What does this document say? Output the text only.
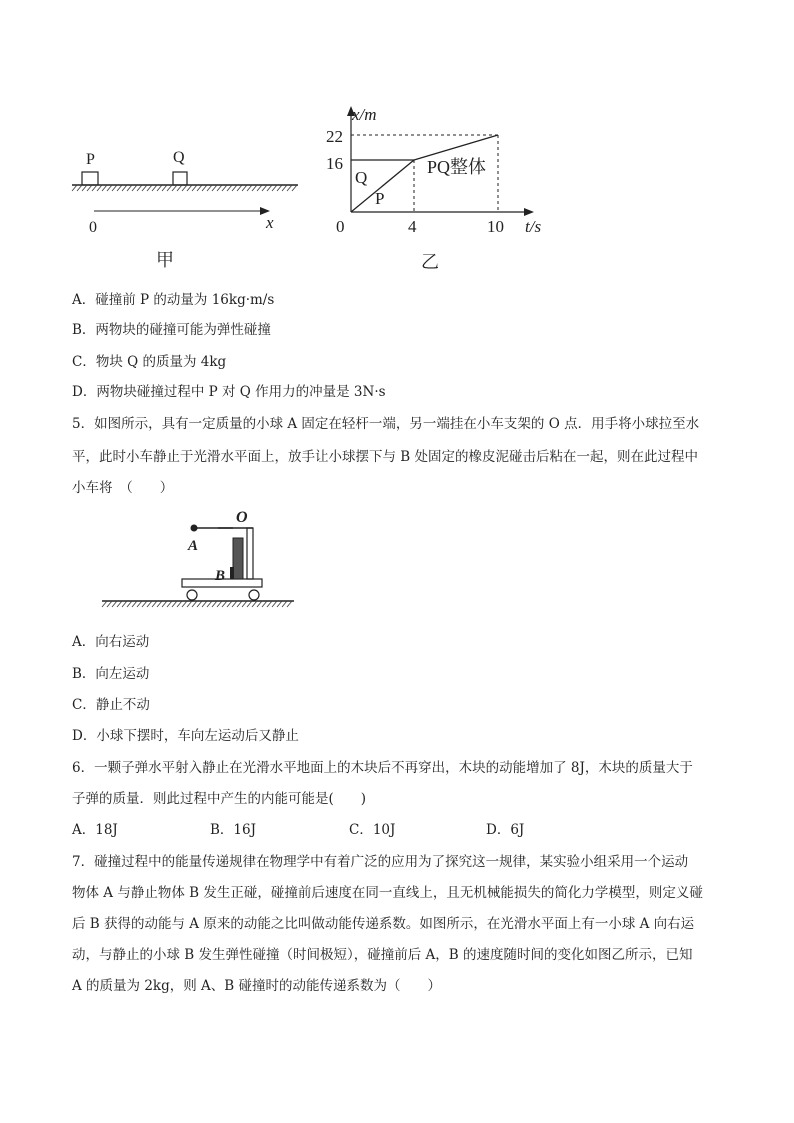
P	Q
0	x
甲
x/m
t/s
22
16
0	4	10
Q
P
PQ整体
乙
A．碰撞前 P 的动量为 16kg·m/s
B．两物块的碰撞可能为弹性碰撞
C．物块 Q 的质量为 4kg
D．两物块碰撞过程中 P 对 Q 作用力的冲量是 3N·s
5．如图所示，具有一定质量的小球 A 固定在轻杆一端，另一端挂在小车支架的 O 点．用手将小球拉至水
平，此时小车静止于光滑水平面上，放手让小球摆下与 B 处固定的橡皮泥碰击后粘在一起，则在此过程中
小车将　（　　）
O
A
B
A．向右运动
B．向左运动
C．静止不动
D．小球下摆时，车向左运动后又静止
6．一颗子弹水平射入静止在光滑水平地面上的木块后不再穿出，木块的动能增加了 8J，木块的质量大于
子弹的质量．则此过程中产生的内能可能是(　　)
A．18J	B．16J	C．10J	D．6J
7．碰撞过程中的能量传递规律在物理学中有着广泛的应用为了探究这一规律，某实验小组采用一个运动
物体 A 与静止物体 B 发生正碰，碰撞前后速度在同一直线上，且无机械能损失的简化力学模型，则定义碰
后 B 获得的动能与 A 原来的动能之比叫做动能传递系数。如图所示，在光滑水平面上有一小球 A 向右运
动，与静止的小球 B 发生弹性碰撞（时间极短），碰撞前后 A，B 的速度随时间的变化如图乙所示，已知
A 的质量为 2kg，则 A、B 碰撞时的动能传递系数为（　　）
